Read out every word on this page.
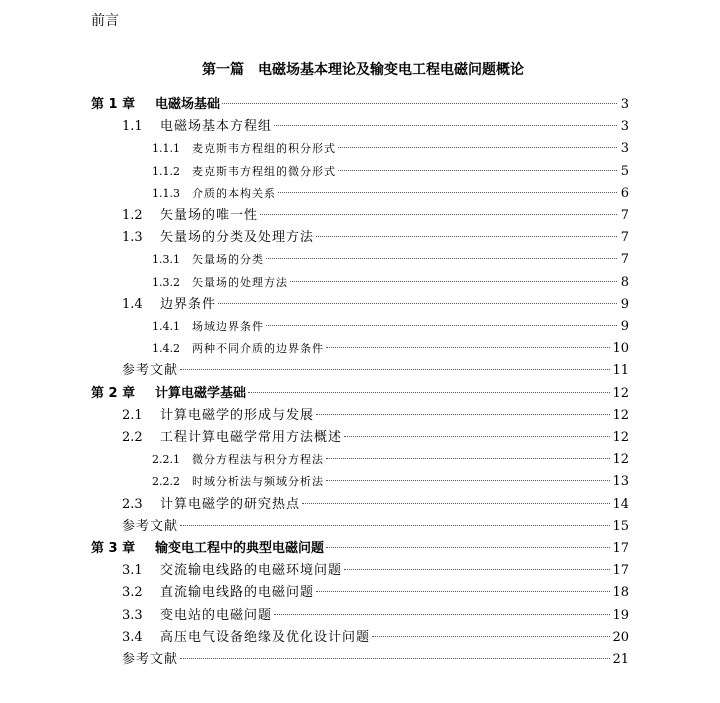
前言
第一篇　电磁场基本理论及输变电工程电磁问题概论
第 1 章	电磁场基础	3
1.1	电磁场基本方程组	3
1.1.1	麦克斯韦方程组的积分形式	3
1.1.2	麦克斯韦方程组的微分形式	5
1.1.3	介质的本构关系	6
1.2	矢量场的唯一性	7
1.3	矢量场的分类及处理方法	7
1.3.1	矢量场的分类	7
1.3.2	矢量场的处理方法	8
1.4	边界条件	9
1.4.1	场域边界条件	9
1.4.2	两种不同介质的边界条件	10
参考文献	11
第 2 章	计算电磁学基础	12
2.1	计算电磁学的形成与发展	12
2.2	工程计算电磁学常用方法概述	12
2.2.1	微分方程法与积分方程法	12
2.2.2	时域分析法与频域分析法	13
2.3	计算电磁学的研究热点	14
参考文献	15
第 3 章	输变电工程中的典型电磁问题	17
3.1	交流输电线路的电磁环境问题	17
3.2	直流输电线路的电磁问题	18
3.3	变电站的电磁问题	19
3.4	高压电气设备绝缘及优化设计问题	20
参考文献	21
